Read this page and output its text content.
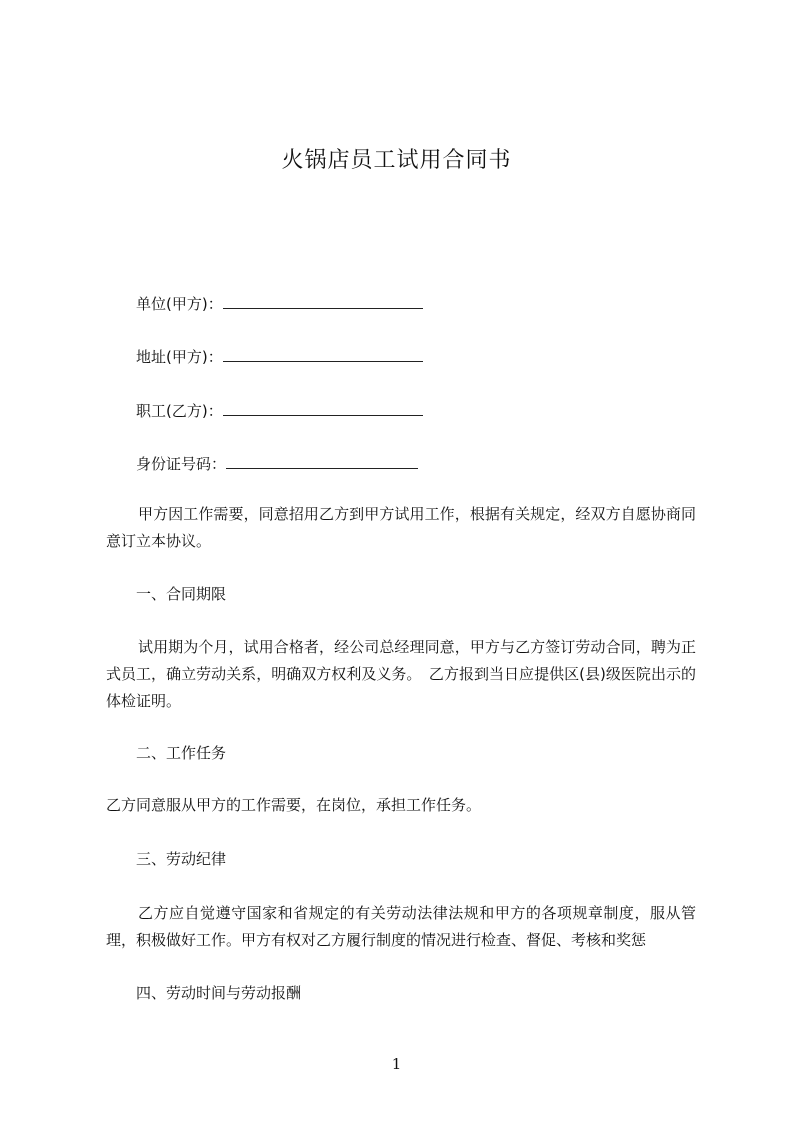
火锅店员工试用合同书
单位(甲方)：
地址(甲方)：
职工(乙方)：
身份证号码：

甲方因工作需要，同意招用乙方到甲方试用工作，根据有关规定，经双方自愿协商同意订立本协议。

一、合同期限

试用期为个月，试用合格者，经公司总经理同意，甲方与乙方签订劳动合同，聘为正式员工，确立劳动关系，明确双方权利及义务。　乙方报到当日应提供区(县)级医院出示的体检证明。

二、工作任务

乙方同意服从甲方的工作需要，在岗位，承担工作任务。

三、劳动纪律

乙方应自觉遵守国家和省规定的有关劳动法律法规和甲方的各项规章制度，服从管理，积极做好工作。甲方有权对乙方履行制度的情况进行检查、督促、考核和奖惩

四、劳动时间与劳动报酬
1
